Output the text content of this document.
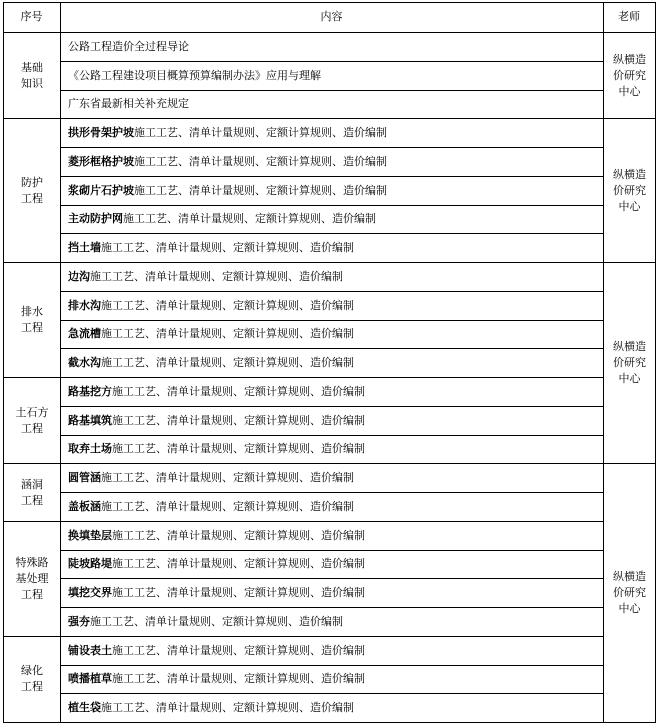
序号	内容	老师
公路工程造价全过程导论
《公路工程建设项目概算预算编制办法》应用与理解
广东省最新相关补充规定
基础
知识
拱形骨架护坡 施工工艺、清单计量规则、定额计算规则、造价编制
菱形框格护坡 施工工艺、清单计量规则、定额计算规则、造价编制
浆砌片石护坡 施工工艺、清单计量规则、定额计算规则、造价编制
主动防护网 施工工艺、清单计量规则、定额计算规则、造价编制
挡土墙 施工工艺、清单计量规则、定额计算规则、造价编制
防护
工程
边沟 施工工艺、清单计量规则、定额计算规则、造价编制
排水沟 施工工艺、清单计量规则、定额计算规则、造价编制
急流槽 施工工艺、清单计量规则、定额计算规则、造价编制
截水沟 施工工艺、清单计量规则、定额计算规则、造价编制
排水
工程
路基挖方 施工工艺、清单计量规则、定额计算规则、造价编制
路基填筑 施工工艺、清单计量规则、定额计算规则、造价编制
取弃土场 施工工艺、清单计量规则、定额计算规则、造价编制
土石方
工程
圆管涵 施工工艺、清单计量规则、定额计算规则、造价编制
盖板涵 施工工艺、清单计量规则、定额计算规则、造价编制
涵洞
工程
换填垫层 施工工艺、清单计量规则、定额计算规则、造价编制
陡坡路堤 施工工艺、清单计量规则、定额计算规则、造价编制
填挖交界 施工工艺、清单计量规则、定额计算规则、造价编制
强夯 施工工艺、清单计量规则、定额计算规则、造价编制
特殊路
基处理
工程
铺设表土 施工工艺、清单计量规则、定额计算规则、造价编制
喷播植草 施工工艺、清单计量规则、定额计算规则、造价编制
植生袋 施工工艺、清单计量规则、定额计算规则、造价编制
绿化
工程
纵横造
价研究
中心
纵横造
价研究
中心
纵横造
价研究
中心
纵横造
价研究
中心
